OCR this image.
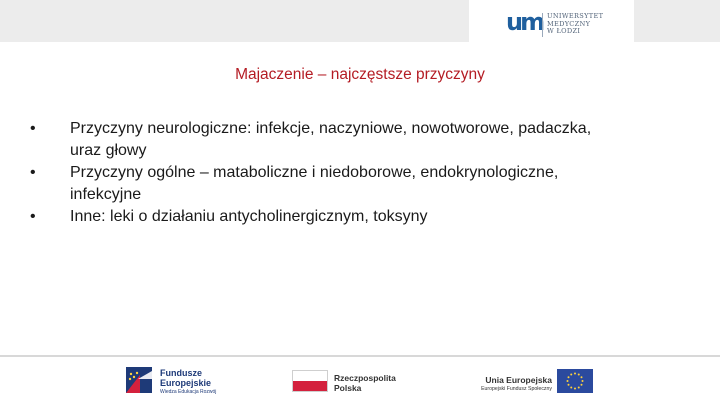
um UNIWERSYTET
MEDYCZNY
W ŁODZI
Majaczenie – najczęstsze przyczyny
• Przyczyny neurologiczne: infekcje, naczyniowe, nowotworowe, padaczka,
uraz głowy
• Przyczyny ogólne – mataboliczne i niedoborowe, endokrynologiczne,
infekcyjne
• Inne: leki o działaniu antycholinergicznym, toksyny
Fundusze
Europejskie
Wiedza Edukacja Rozwój
Rzeczpospolita
Polska
Unia Europejska
Europejski Fundusz Społeczny
